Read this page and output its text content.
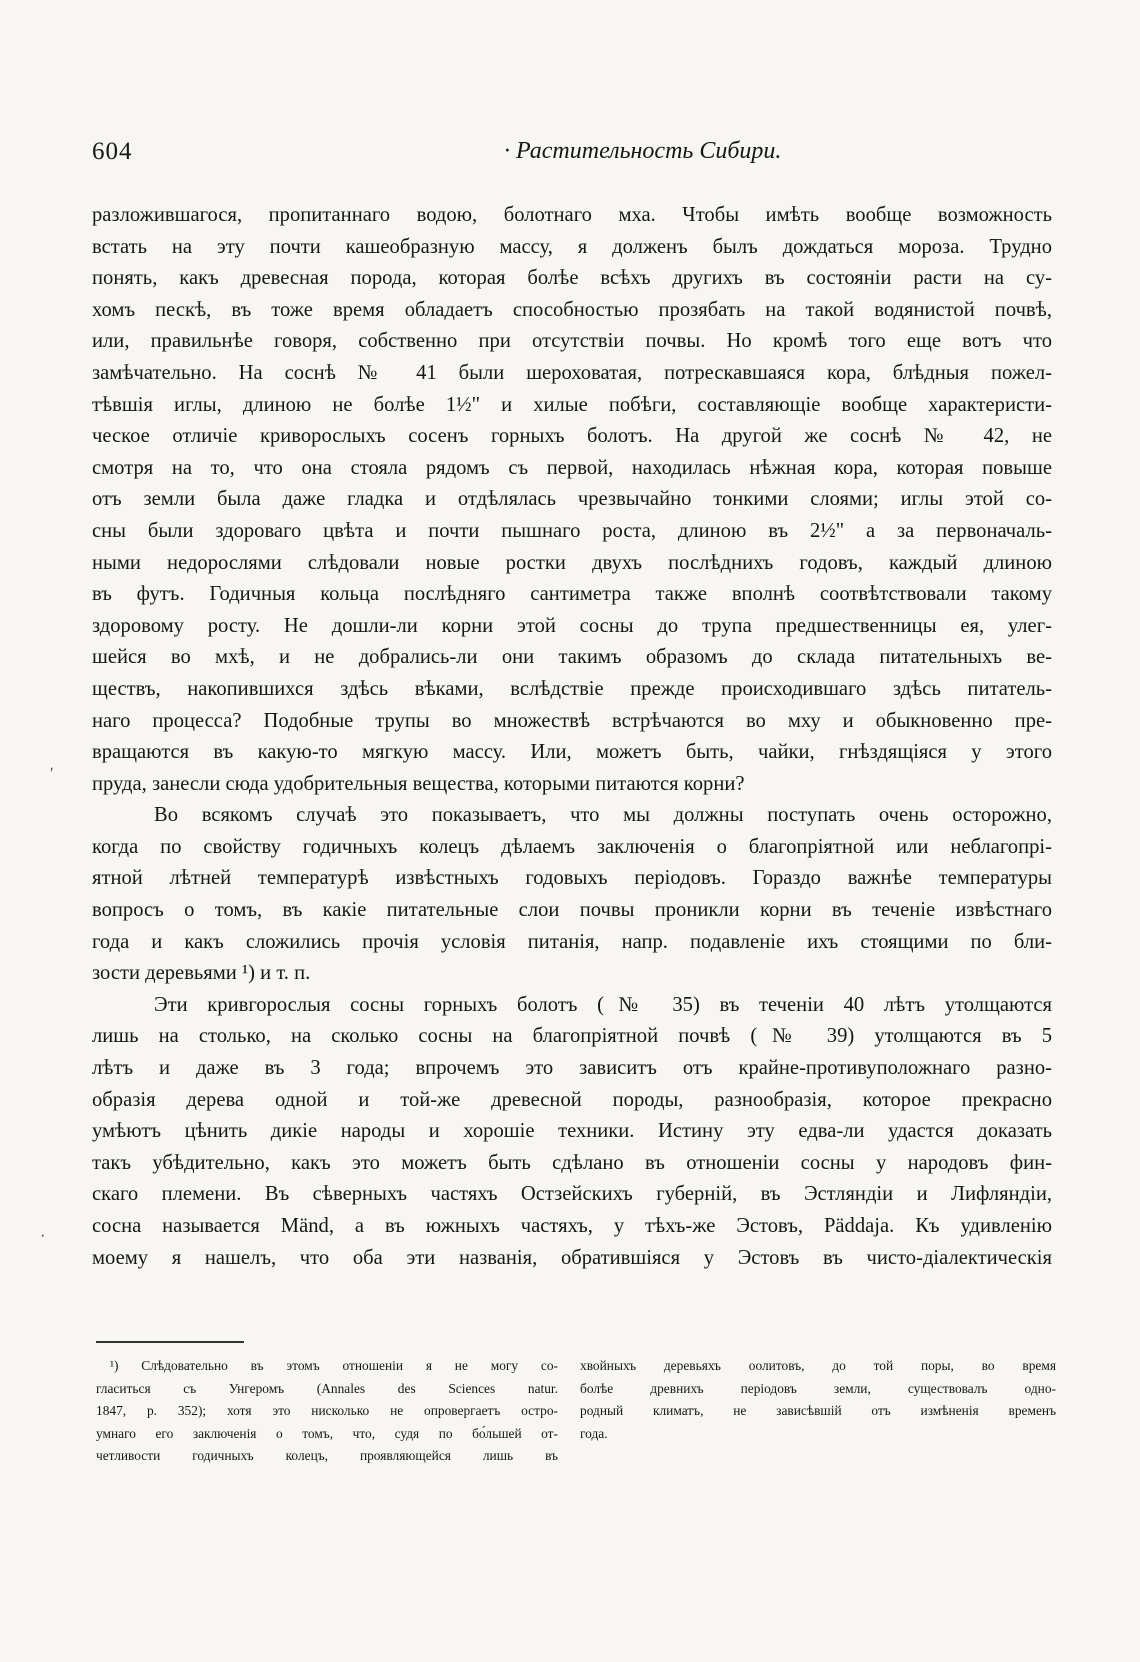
604	· Растительность Сибири.
разложившагося, пропитаннаго водою, болотнаго мха. Чтобы имѣть вообще возможность
встать на эту почти кашеобразную массу, я долженъ былъ дождаться мороза. Трудно
понять, какъ древесная порода, которая болѣе всѣхъ другихъ въ состояніи расти на су-
хомъ пескѣ, въ тоже время обладаетъ способностью прозябать на такой водянистой почвѣ,
или, правильнѣе говоря, собственно при отсутствіи почвы. Но кромѣ того еще вотъ что
замѣчательно. На соснѣ № 41 были шероховатая, потрескавшаяся кора, блѣдныя пожел-
тѣвшія иглы, длиною не болѣе 1½" и хилые побѣги, составляющіе вообще характеристи-
ческое отличіе криворослыхъ сосенъ горныхъ болотъ. На другой же соснѣ № 42, не
смотря на то, что она стояла рядомъ съ первой, находилась нѣжная кора, которая повыше
отъ земли была даже гладка и отдѣлялась чрезвычайно тонкими слоями; иглы этой со-
сны были здороваго цвѣта и почти пышнаго роста, длиною въ 2½" а за первоначаль-
ными недорослями слѣдовали новые ростки двухъ послѣднихъ годовъ, каждый длиною
въ футъ. Годичныя кольца послѣдняго сантиметра также вполнѣ соотвѣтствовали такому
здоровому росту. Не дошли-ли корни этой сосны до трупа предшественницы ея, улег-
шейся во мхѣ, и не добрались-ли они такимъ образомъ до склада питательныхъ ве-
ществъ, накопившихся здѣсь вѣками, вслѣдствіе прежде происходившаго здѣсь питатель-
наго процесса? Подобные трупы во множествѣ встрѣчаются во мху и обыкновенно пре-
вращаются въ какую-то мягкую массу. Или, можетъ быть, чайки, гнѣздящіяся у этого
пруда, занесли сюда удобрительныя вещества, которыми питаются корни?
Во всякомъ случаѣ это показываетъ, что мы должны поступать очень осторожно,
когда по свойству годичныхъ колецъ дѣлаемъ заключенія о благопріятной или неблагопрі-
ятной лѣтней температурѣ извѣстныхъ годовыхъ періодовъ. Гораздо важнѣе температуры
вопросъ о томъ, въ какіе питательные слои почвы проникли корни въ теченіе извѣстнаго
года и какъ сложились прочія условія питанія, напр. подавленіе ихъ стоящими по бли-
зости деревьями ¹) и т. п.
Эти кривгорослыя сосны горныхъ болотъ (№ 35) въ теченіи 40 лѣтъ утолщаются
лишь на столько, на сколько сосны на благопріятной почвѣ (№ 39) утолщаются въ 5
лѣтъ и даже въ 3 года; впрочемъ это зависитъ отъ крайне-противуположнаго разно-
образія дерева одной и той-же древесной породы, разнообразія, которое прекрасно
умѣютъ цѣнить дикіе народы и хорошіе техники. Истину эту едва-ли удастся доказать
такъ убѣдительно, какъ это можетъ быть сдѣлано въ отношеніи сосны у народовъ фин-
скаго племени. Въ сѣверныхъ частяхъ Остзейскихъ губерній, въ Эстляндіи и Лифляндіи,
сосна называется Mänd, а въ южныхъ частяхъ, у тѣхъ-же Эстовъ, Päddaja. Къ удивленію
моему я нашелъ, что оба эти названія, обратившіяся у Эстовъ въ чисто-діалектическія
ʹ
·
¹) Слѣдовательно въ этомъ отношеніи я не могу со-
гласиться съ Унгеромъ (Annales des Sciences natur.
1847, p. 352); хотя это нисколько не опровергаетъ остро-
умнаго его заключенія о томъ, что, судя по бо́льшей от-
четливости годичныхъ колецъ, проявляющейся лишь въ
хвойныхъ деревьяхъ оолитовъ, до той поры, во время
болѣе древнихъ періодовъ земли, существовалъ одно-
родный климатъ, не зависѣвшій отъ измѣненія временъ
года.
